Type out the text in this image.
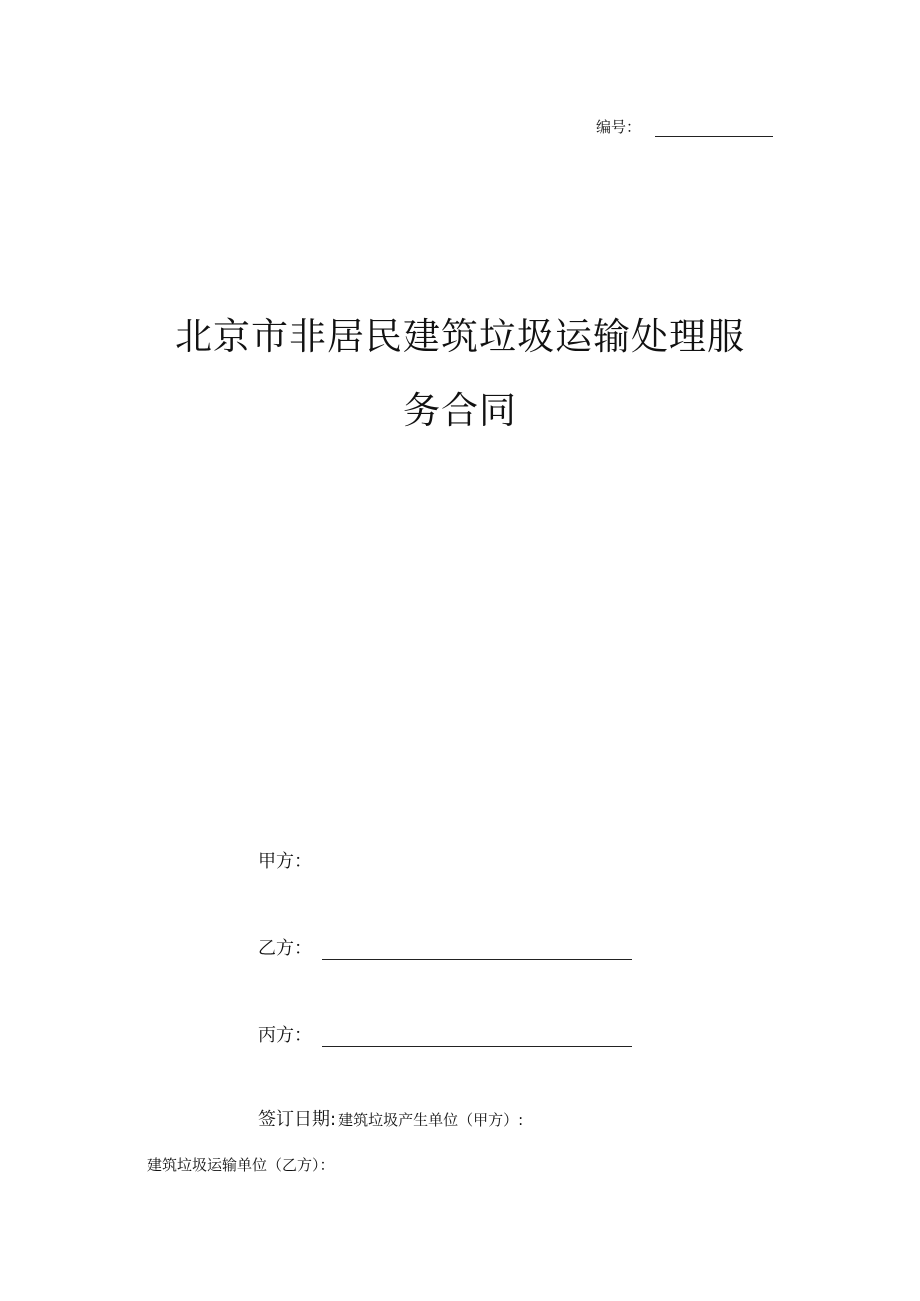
编号：
北京市非居民建筑垃圾运输处理服
务合同
甲方：
乙方：
丙方：
签订日期: 建筑垃圾产生单位（甲方）:
建筑垃圾运输单位（乙方）：
